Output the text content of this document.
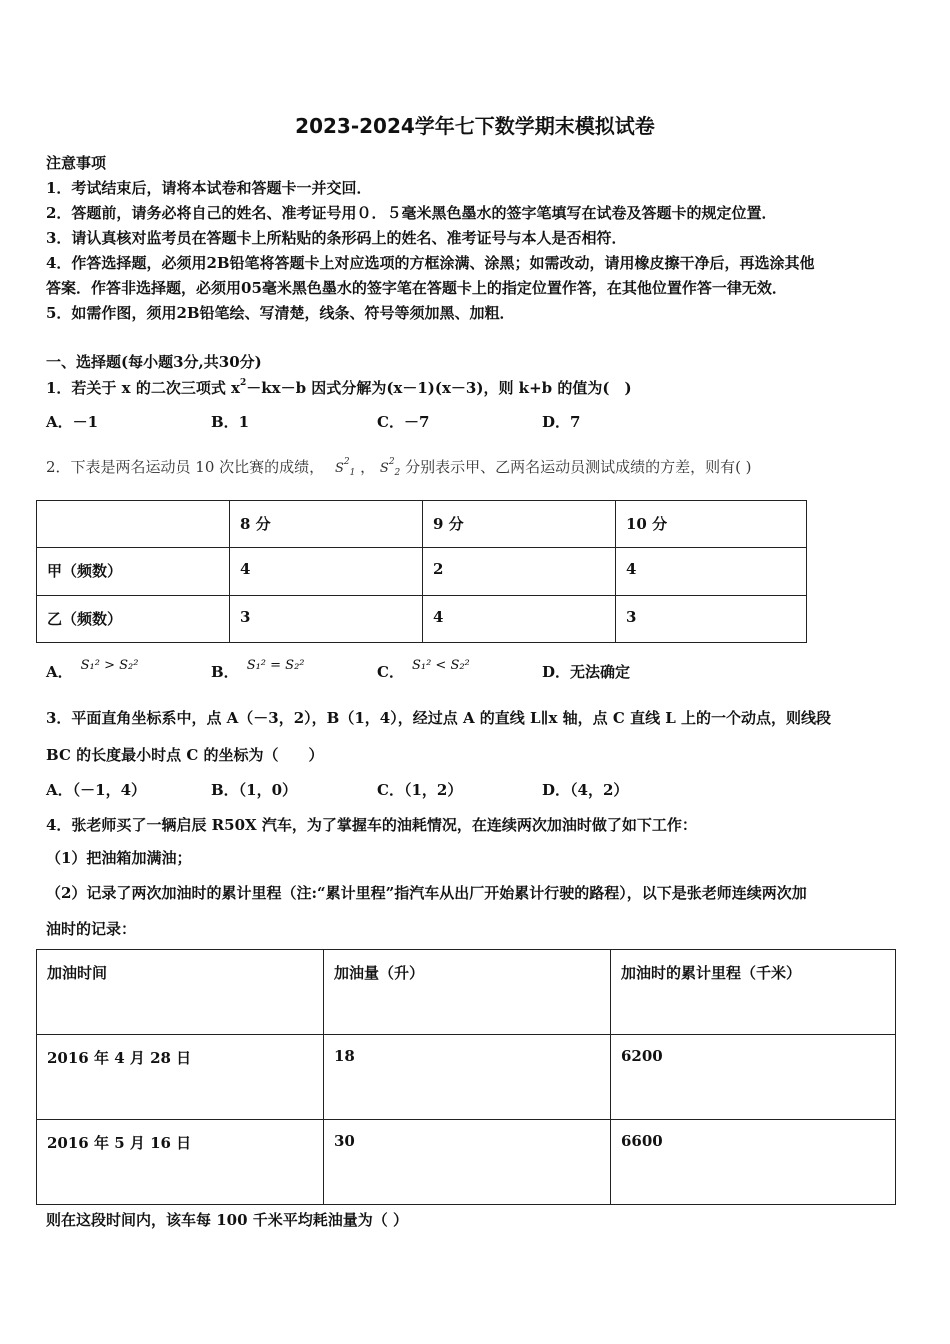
2023-2024学年七下数学期末模拟试卷
注意事项
1．考试结束后，请将本试卷和答题卡一并交回．
2．答题前，请务必将自己的姓名、准考证号用０．５毫米黑色墨水的签字笔填写在试卷及答题卡的规定位置．
3．请认真核对监考员在答题卡上所粘贴的条形码上的姓名、准考证号与本人是否相符．
4．作答选择题，必须用2B铅笔将答题卡上对应选项的方框涂满、涂黑；如需改动，请用橡皮擦干净后，再选涂其他
答案．作答非选择题，必须用05毫米黑色墨水的签字笔在答题卡上的指定位置作答，在其他位置作答一律无效．
5．如需作图，须用2B铅笔绘、写清楚，线条、符号等须加黑、加粗．
一、选择题(每小题3分,共30分)
1．若关于 x 的二次三项式 $x^2-kx-b$ 因式分解为(x－1)(x－3)，则 k+b 的值为(　)
A．－1	B．1	C．－7	D．7
2．下表是两名运动员 10 次比赛的成绩， $S^2_1$ ， $S^2_2$ 分别表示甲、乙两名运动员测试成绩的方差，则有( )
	8 分	9 分	10 分
甲（频数）	4	2	4
乙（频数）	3	4	3
A． S₁² > S₂²	B． S₁² = S₂²	C． S₁² < S₂²	D．无法确定
3．平面直角坐标系中，点 A（－3，2），B（1，4），经过点 A 的直线 L∥x 轴，点 C 直线 L 上的一个动点，则线段
BC 的长度最小时点 C 的坐标为（　　）
A．（－1，4）	B．（1，0）	C．（1，2）	D．（4，2）
4．张老师买了一辆启辰 R50X 汽车，为了掌握车的油耗情况，在连续两次加油时做了如下工作：
（1）把油箱加满油；
（2）记录了两次加油时的累计里程（注:“累计里程”指汽车从出厂开始累计行驶的路程），以下是张老师连续两次加
油时的记录：
加油时间	加油量（升）	加油时的累计里程（千米）
2016 年 4 月 28 日	18	6200
2016 年 5 月 16 日	30	6600
则在这段时间内，该车每 100 千米平均耗油量为（ ）
